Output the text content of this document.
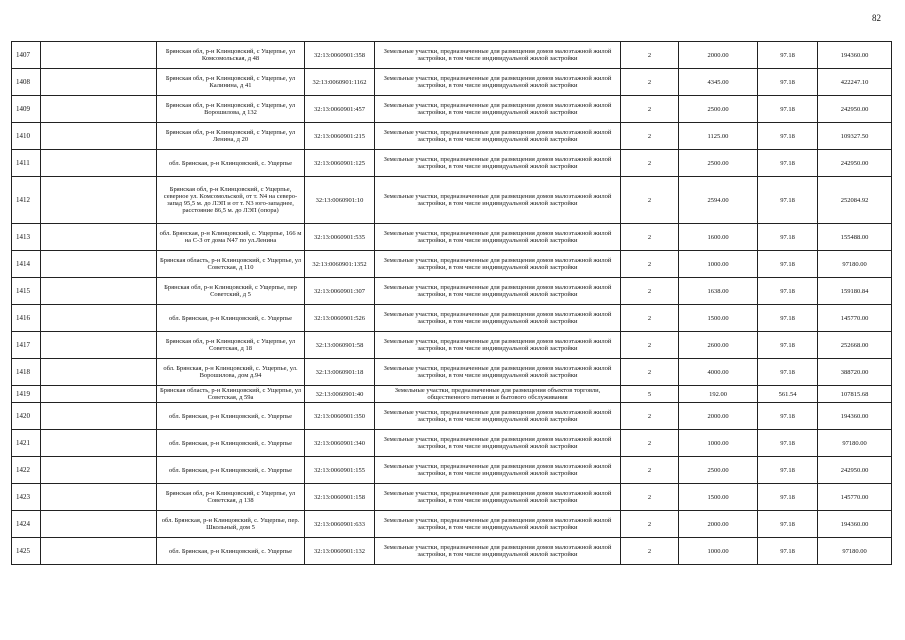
82
1407		Брянская обл, р-н Клинцовский, с Ущерпье, ул Комсомольская, д 48	32:13:0060901:358	Земельные участки, предназначенные для размещения домов малоэтажной жилой застройки, в том числе индивидуальной жилой застройки	2	2000.00	97.18	194360.00
1408		Брянская обл, р-н Клинцовский, с Ущерпье, ул Калинина, д 41	32:13:0060901:1162	Земельные участки, предназначенные для размещения домов малоэтажной жилой застройки, в том числе индивидуальной жилой застройки	2	4345.00	97.18	422247.10
1409		Брянская обл, р-н Клинцовский, с Ущерпье, ул Ворошилова, д 132	32:13:0060901:457	Земельные участки, предназначенные для размещения домов малоэтажной жилой застройки, в том числе индивидуальной жилой застройки	2	2500.00	97.18	242950.00
1410		Брянская обл, р-н Клинцовский, с Ущерпье, ул Ленина, д 20	32:13:0060901:215	Земельные участки, предназначенные для размещения домов малоэтажной жилой застройки, в том числе индивидуальной жилой застройки	2	1125.00	97.18	109327.50
1411		обл. Брянская, р-н Клинцовский, с. Ущерпье	32:13:0060901:125	Земельные участки, предназначенные для размещения домов малоэтажной жилой застройки, в том числе индивидуальной жилой застройки	2	2500.00	97.18	242950.00
1412		Брянская обл, р-н Клинцовский, с Ущерпье, северное ул. Комсомольской, от т. N4 на северо-запад 95,5 м. до ЛЭП и от т. N3 юго-западнее, расстояние 86,5 м. до ЛЭП (опора)	32:13:0060901:10	Земельные участки, предназначенные для размещения домов малоэтажной жилой застройки, в том числе индивидуальной жилой застройки	2	2594.00	97.18	252084.92
1413		обл. Брянская, р-н Клинцовский, с. Ущерпье, 166 м на С-З от дома N47 по ул.Ленина	32:13:0060901:535	Земельные участки, предназначенные для размещения домов малоэтажной жилой застройки, в том числе индивидуальной жилой застройки	2	1600.00	97.18	155488.00
1414		Брянская область, р-н Клинцовский, с Ущерпье, ул Советская, д 110	32:13:0060901:1352	Земельные участки, предназначенные для размещения домов малоэтажной жилой застройки, в том числе индивидуальной жилой застройки	2	1000.00	97.18	97180.00
1415		Брянская обл, р-н Клинцовский, с Ущерпье, пер Советский, д 5	32:13:0060901:307	Земельные участки, предназначенные для размещения домов малоэтажной жилой застройки, в том числе индивидуальной жилой застройки	2	1638.00	97.18	159180.84
1416		обл. Брянская, р-н Клинцовский, с. Ущерпье	32:13:0060901:526	Земельные участки, предназначенные для размещения домов малоэтажной жилой застройки, в том числе индивидуальной жилой застройки	2	1500.00	97.18	145770.00
1417		Брянская обл, р-н Клинцовский, с Ущерпье, ул Советская, д 18	32:13:0060901:58	Земельные участки, предназначенные для размещения домов малоэтажной жилой застройки, в том числе индивидуальной жилой застройки	2	2600.00	97.18	252668.00
1418		обл. Брянская, р-н Клинцовский, с. Ущерпье, ул. Ворошилова, дом д.94	32:13:0060901:18	Земельные участки, предназначенные для размещения домов малоэтажной жилой застройки, в том числе индивидуальной жилой застройки	2	4000.00	97.18	388720.00
1419		Брянская область, р-н Клинцовский, с Ущерпье, ул Советская, д 59а	32:13:0060901:40	Земельные участки, предназначенные для размещения объектов торговли, общественного питания и бытового обслуживания	5	192.00	561.54	107815.68
1420		обл. Брянская, р-н Клинцовский, с. Ущерпье	32:13:0060901:350	Земельные участки, предназначенные для размещения домов малоэтажной жилой застройки, в том числе индивидуальной жилой застройки	2	2000.00	97.18	194360.00
1421		обл. Брянская, р-н Клинцовский, с. Ущерпье	32:13:0060901:340	Земельные участки, предназначенные для размещения домов малоэтажной жилой застройки, в том числе индивидуальной жилой застройки	2	1000.00	97.18	97180.00
1422		обл. Брянская, р-н Клинцовский, с. Ущерпье	32:13:0060901:155	Земельные участки, предназначенные для размещения домов малоэтажной жилой застройки, в том числе индивидуальной жилой застройки	2	2500.00	97.18	242950.00
1423		Брянская обл, р-н Клинцовский, с Ущерпье, ул Советская, д 138	32:13:0060901:158	Земельные участки, предназначенные для размещения домов малоэтажной жилой застройки, в том числе индивидуальной жилой застройки	2	1500.00	97.18	145770.00
1424		обл. Брянская, р-н Клинцовский, с. Ущерпье, пер. Школьный, дом 5	32:13:0060901:633	Земельные участки, предназначенные для размещения домов малоэтажной жилой застройки, в том числе индивидуальной жилой застройки	2	2000.00	97.18	194360.00
1425		обл. Брянская, р-н Клинцовский, с. Ущерпье	32:13:0060901:132	Земельные участки, предназначенные для размещения домов малоэтажной жилой застройки, в том числе индивидуальной жилой застройки	2	1000.00	97.18	97180.00
